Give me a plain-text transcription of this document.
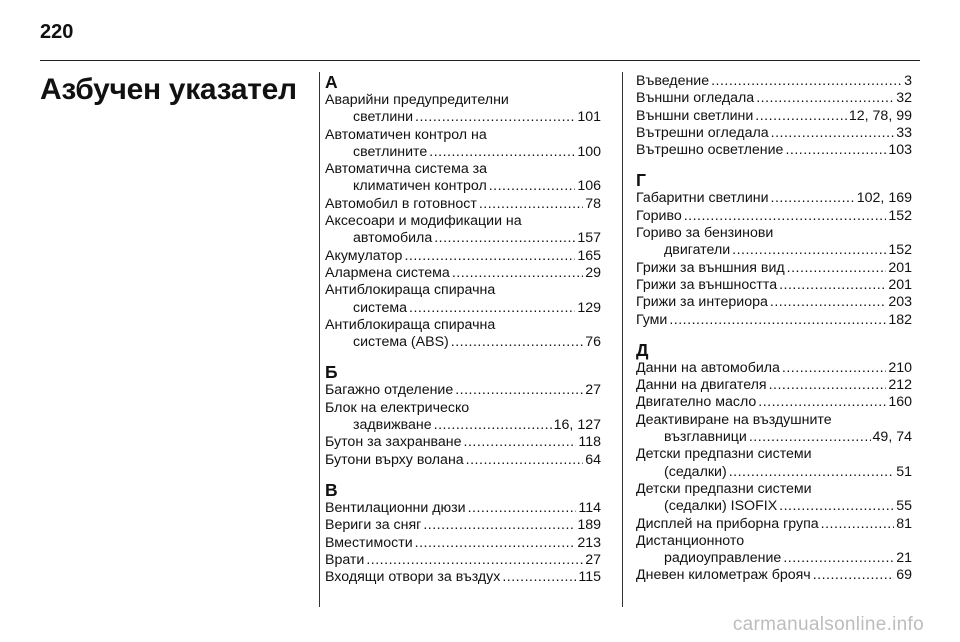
220
Азбучен указател А
Аварийни предупредителни
светлини .....	101
Автоматичен контрол на
светлините .....	100
Автоматична система за
климатичен контрол .....	106
Автомобил в готовност .....	78
Аксесоари и модификации на
автомобила .....	157
Акумулатор .....	165
Алармена система .....	29
Антиблокираща спирачна
система .....	129
Антиблокираща спирачна
система (ABS) .....	76
Б
Багажно отделение .....	27
Блок на електрическо
задвижване .....	16, 127
Бутон за захранване .....	118
Бутони върху волана .....	64
В
Вентилационни дюзи .....	114
Вериги за сняг .....	189
Вместимости .....	213
Врати .....	27
Входящи отвори за въздух .....	115
Въведение .....	3
Външни огледала .....	32
Външни светлини .....	12, 78, 99
Вътрешни огледала .....	33
Вътрешно осветление .....	103
Г
Габаритни светлини .....	102, 169
Гориво .....	152
Гориво за бензинови
двигатели .....	152
Грижи за външния вид .....	201
Грижи за външността .....	201
Грижи за интериора .....	203
Гуми .....	182
Д
Данни на автомобила .....	210
Данни на двигателя .....	212
Двигателно масло .....	160
Деактивиране на въздушните
възглавници .....	49, 74
Детски предпазни системи
(седалки) .....	51
Детски предпазни системи
(седалки) ISOFIX .....	55
Дисплей на приборна група .....	81
Дистанционното
радиоуправление .....	21
Дневен километраж брояч .....	69
carmanualsonline.info
